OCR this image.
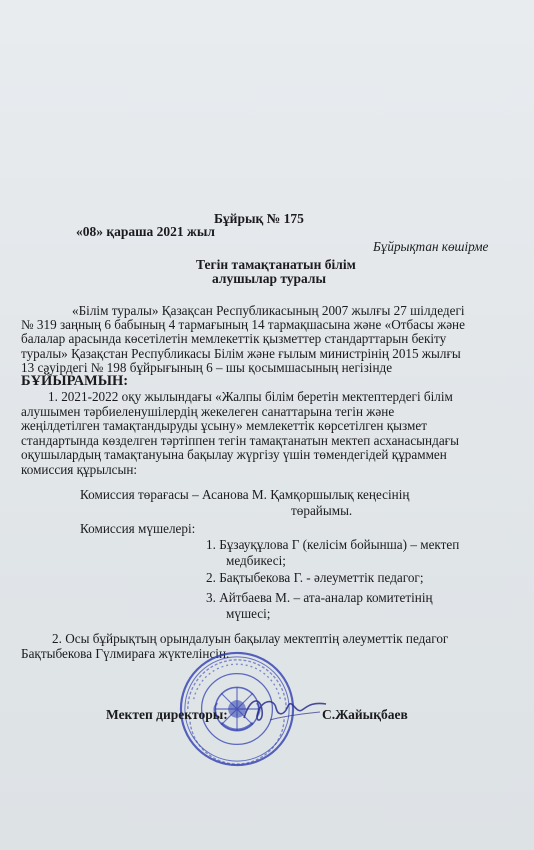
Бұйрық № 175
«08» қараша 2021 жыл
Бұйрықтан көшірме
Тегін тамақтанатын білім
алушылар туралы
«Білім туралы» Қазақсан Республикасының 2007 жылғы 27 шілдедегі
№ 319 заңның 6 бабының 4 тармағының 14 тармақшасына және «Отбасы және
балалар арасында көсетілетін мемлекеттік қызметтер стандарттарын бекіту
туралы» Қазақстан Республикасы Білім және ғылым министрінің 2015 жылғы
13 сәуірдегі № 198 бұйрығының 6 – шы қосымшасының негізінде
БҰЙЫРАМЫН:
1. 2021-2022 оқу жылындағы «Жалпы білім беретін мектептердегі білім
алушымен тәрбиеленушілердің жекелеген санаттарына тегін және
жеңілдетілген тамақтандыруды ұсыну» мемлекеттік көрсетілген қызмет
стандартында көзделген тәртіппен тегін тамақтанатын мектеп асханасындағы
оқушылардың тамақтануына бақылау жүргізу үшін төмендегідей құраммен
комиссия құрылсын:
Комиссия төрағасы – Асанова М. Қамқоршылық кеңесінің
төрайымы.
Комиссия мүшелері:
1. Бұзауқұлова Г (келісім бойынша) – мектеп
медбикесі;
2. Бақтыбекова Г. - әлеуметтік педагог;
3. Айтбаева М. – ата-аналар комитетінің
мүшесі;
2. Осы бұйрықтың орындалуын бақылау мектептің әлеуметтік педагог
Бақтыбекова Гүлмираға жүктелінсін.
Мектеп директоры:	С.Жайықбаев
